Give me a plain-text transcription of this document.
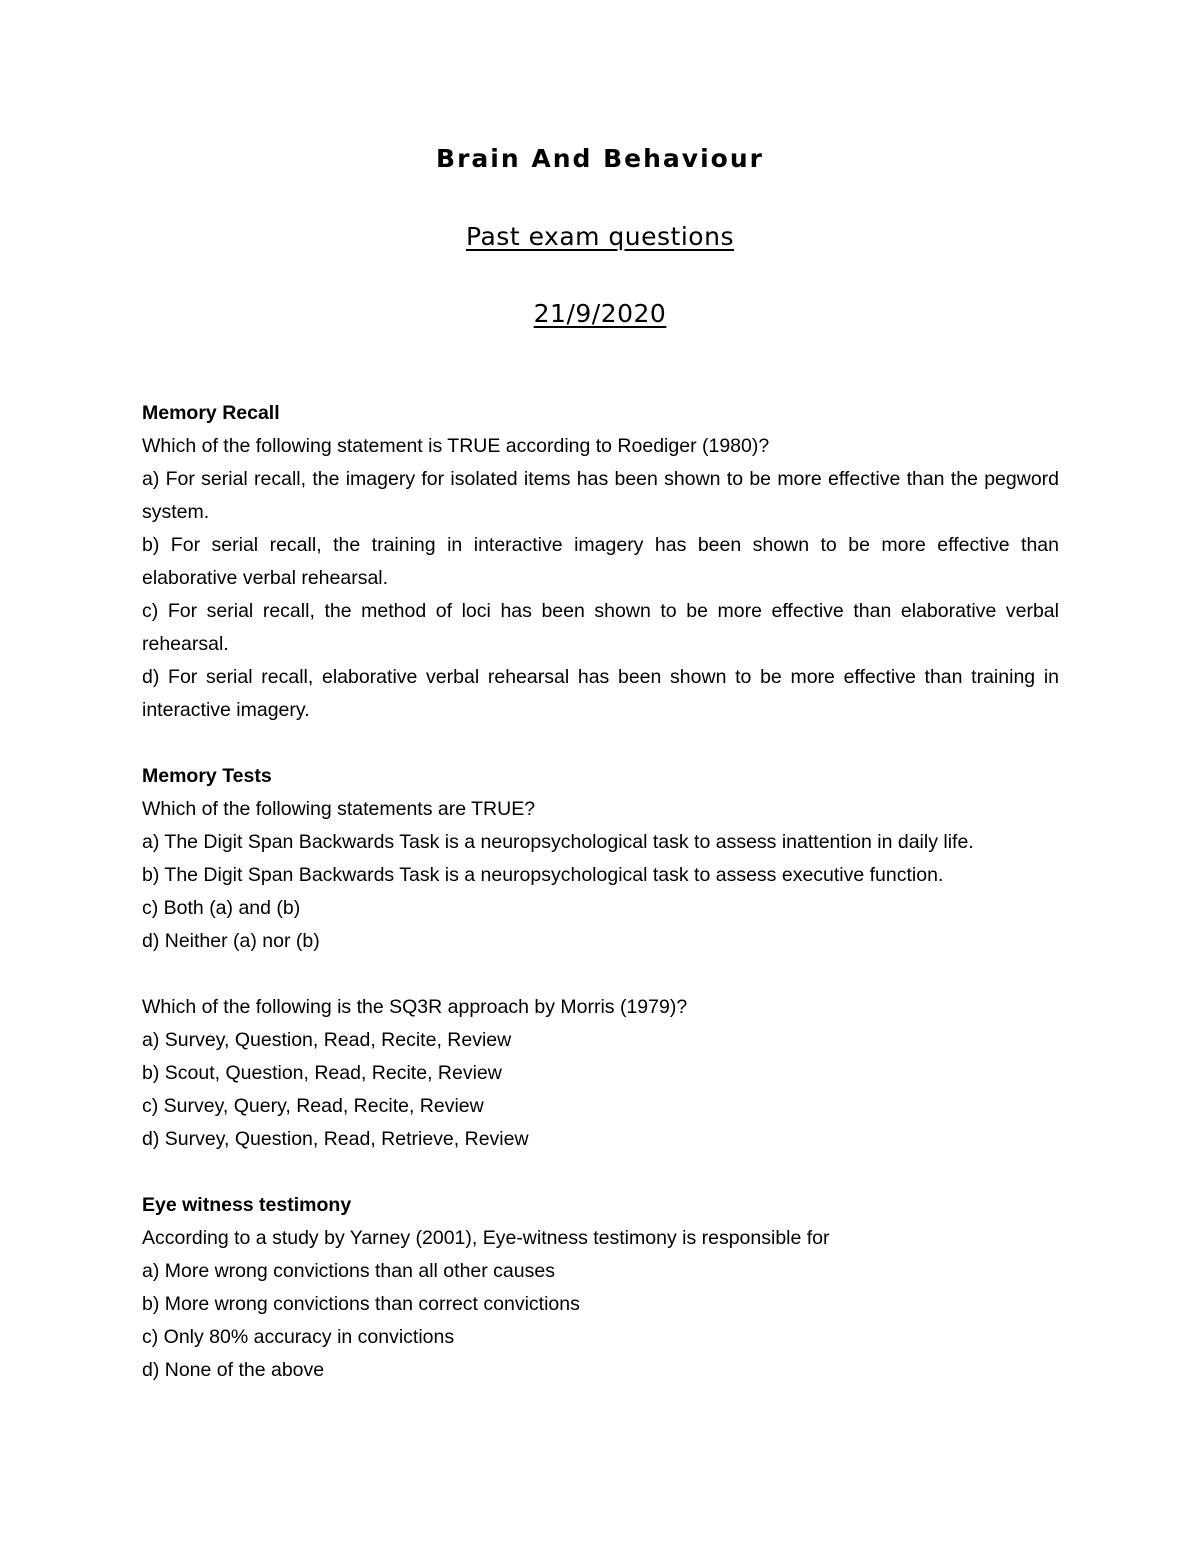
Brain And Behaviour
Past exam questions
21/9/2020

Memory Recall

Which of the following statement is TRUE according to Roediger (1980)?

a) For serial recall, the imagery for isolated items has been shown to be more effective than the pegword system.

b) For serial recall, the training in interactive imagery has been shown to be more effective than elaborative verbal rehearsal.

c) For serial recall, the method of loci has been shown to be more effective than elaborative verbal rehearsal.

d) For serial recall, elaborative verbal rehearsal has been shown to be more effective than training in interactive imagery.

Memory Tests

Which of the following statements are TRUE?

a) The Digit Span Backwards Task is a neuropsychological task to assess inattention in daily life.

b) The Digit Span Backwards Task is a neuropsychological task to assess executive function.

c) Both (a) and (b)

d) Neither (a) nor (b)

Which of the following is the SQ3R approach by Morris (1979)?

a) Survey, Question, Read, Recite, Review

b) Scout, Question, Read, Recite, Review

c) Survey, Query, Read, Recite, Review

d) Survey, Question, Read, Retrieve, Review

Eye witness testimony

According to a study by Yarney (2001), Eye-witness testimony is responsible for

a) More wrong convictions than all other causes

b) More wrong convictions than correct convictions

c) Only 80% accuracy in convictions

d) None of the above
